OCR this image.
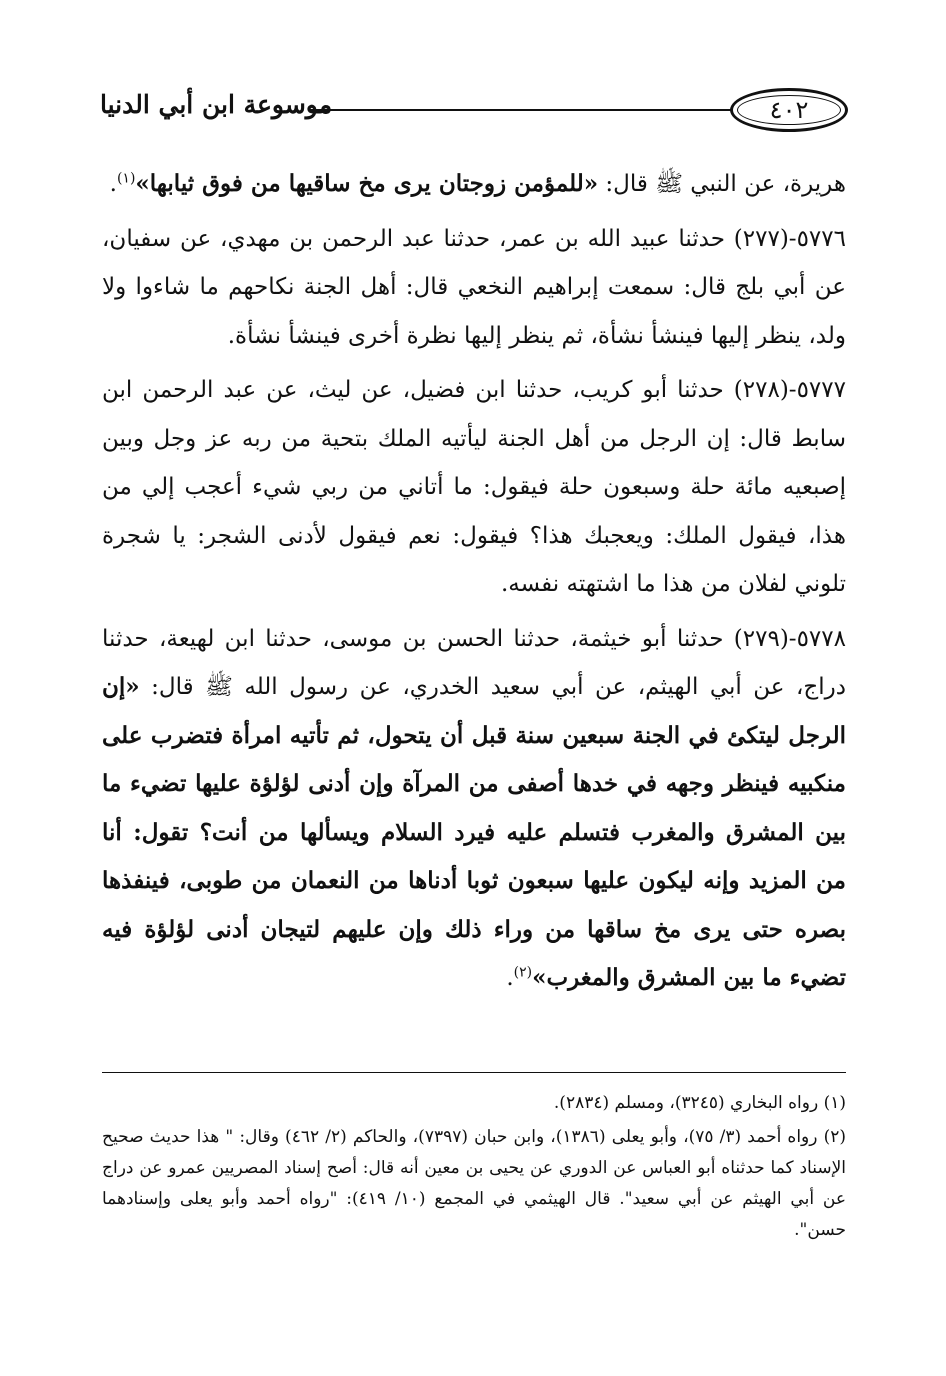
٤٠٢
موسوعة ابن أبي الدنيا

هريرة، عن النبي ﷺ قال: «للمؤمن زوجتان يرى مخ ساقيها من فوق ثيابها»$^{(١)}$.

٥٧٧٦-(٢٧٧) حدثنا عبيد الله بن عمر، حدثنا عبد الرحمن بن مهدي، عن سفيان، عن أبي بلج قال: سمعت إبراهيم النخعي قال: أهل الجنة نكاحهم ما شاءوا ولا ولد، ينظر إليها فينشأ نشأة، ثم ينظر إليها نظرة أخرى فينشأ نشأة.

٥٧٧٧-(٢٧٨) حدثنا أبو كريب، حدثنا ابن فضيل، عن ليث، عن عبد الرحمن ابن سابط قال: إن الرجل من أهل الجنة ليأتيه الملك بتحية من ربه عز وجل وبين إصبعيه مائة حلة وسبعون حلة فيقول: ما أتاني من ربي شيء أعجب إلي من هذا، فيقول الملك: ويعجبك هذا؟ فيقول: نعم فيقول لأدنى الشجر: يا شجرة تلوني لفلان من هذا ما اشتهته نفسه.

٥٧٧٨-(٢٧٩) حدثنا أبو خيثمة، حدثنا الحسن بن موسى، حدثنا ابن لهيعة، حدثنا دراج، عن أبي الهيثم، عن أبي سعيد الخدري، عن رسول الله ﷺ قال: «إن الرجل ليتكئ في الجنة سبعين سنة قبل أن يتحول، ثم تأتيه امرأة فتضرب على منكبيه فينظر وجهه في خدها أصفى من المرآة وإن أدنى لؤلؤة عليها تضيء ما بين المشرق والمغرب فتسلم عليه فيرد السلام ويسألها من أنت؟ تقول: أنا من المزيد وإنه ليكون عليها سبعون ثوبا أدناها من النعمان من طوبى، فينفذها بصره حتى يرى مخ ساقها من وراء ذلك وإن عليهم لتيجان أدنى لؤلؤة فيه تضيء ما بين المشرق والمغرب»$^{(٢)}$.

(١) رواه البخاري (٣٢٤٥)، ومسلم (٢٨٣٤).

(٢) رواه أحمد (٣/ ٧٥)، وأبو يعلى (١٣٨٦)، وابن حبان (٧٣٩٧)، والحاكم (٢/ ٤٦٢) وقال: " هذا حديث صحيح الإسناد كما حدثناه أبو العباس عن الدوري عن يحيى بن معين أنه قال: أصح إسناد المصريين عمرو عن دراج عن أبي الهيثم عن أبي سعيد". قال الهيثمي في المجمع (١٠/ ٤١٩): "رواه أحمد وأبو يعلى وإسنادهما حسن".
